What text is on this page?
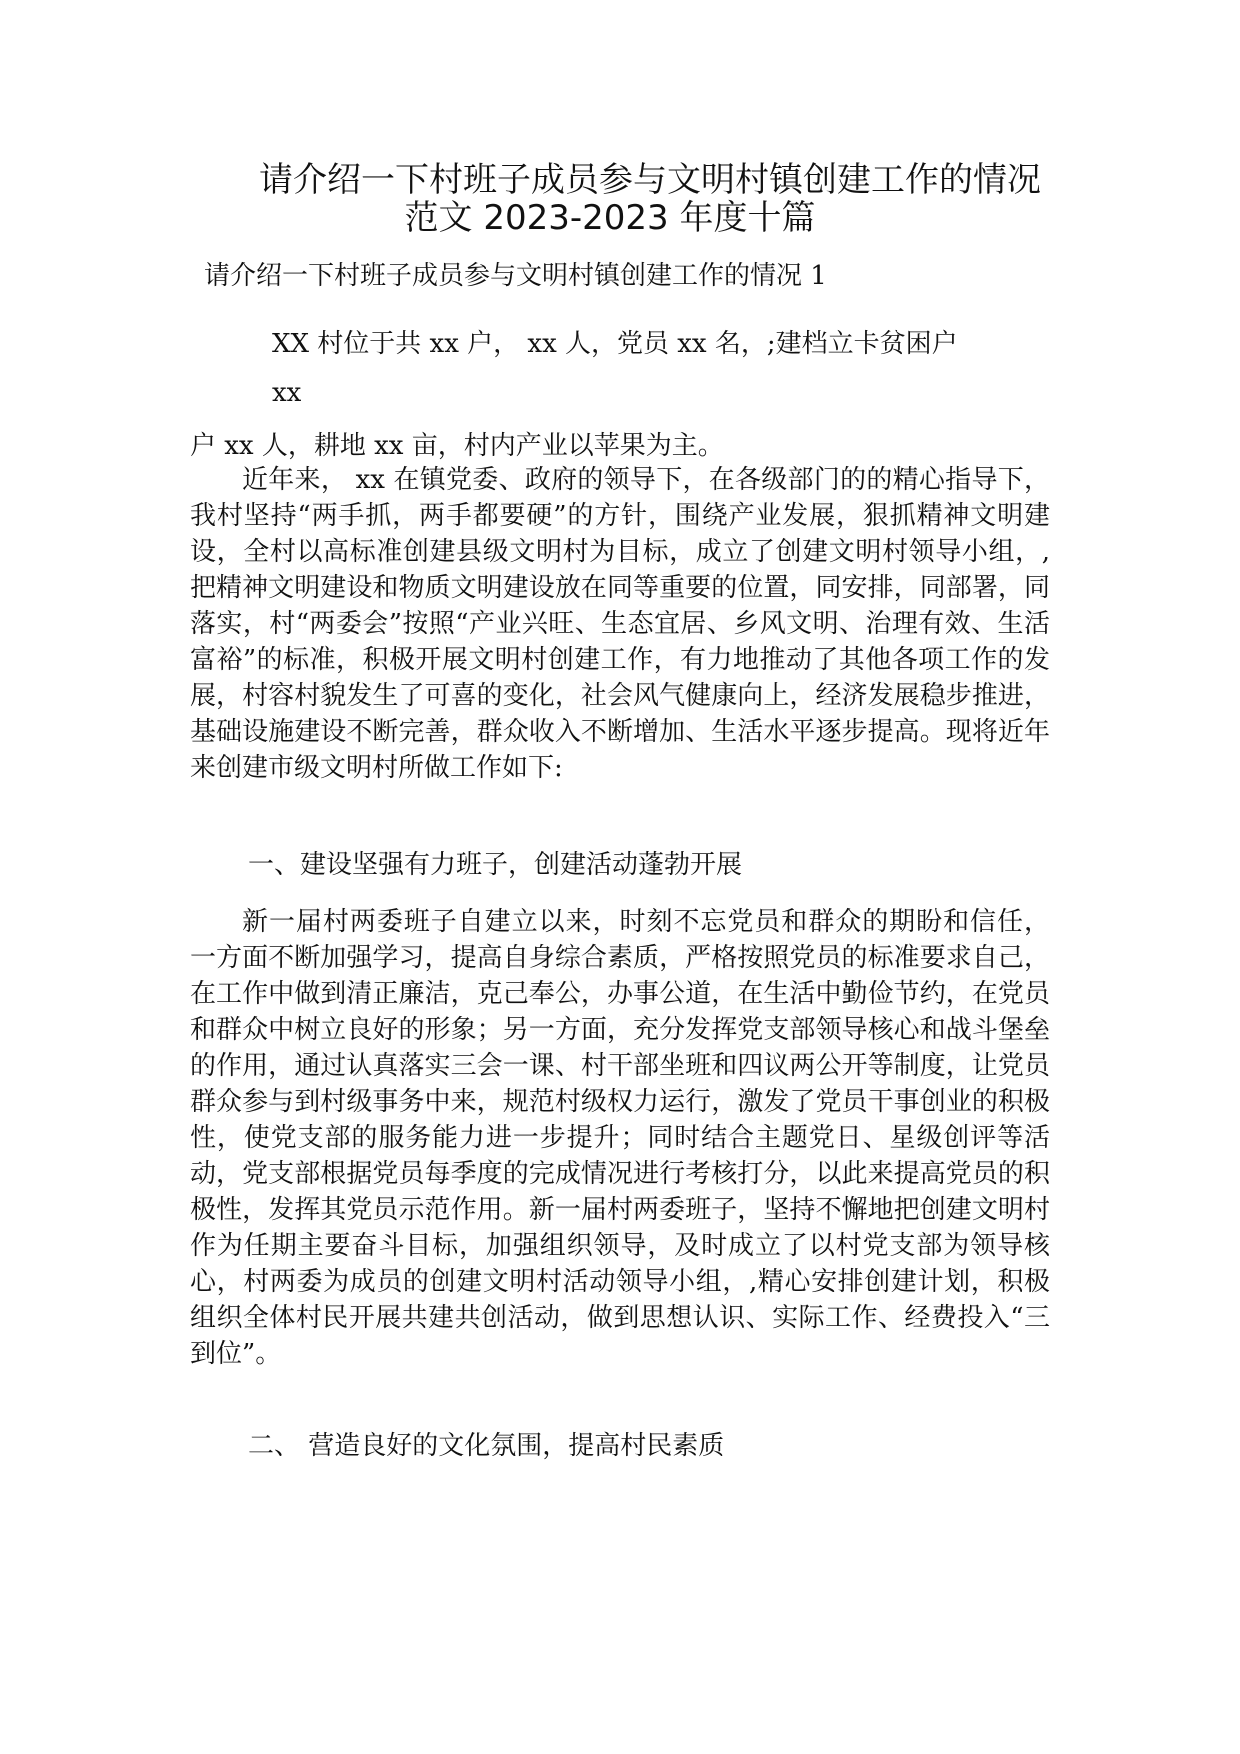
请介绍一下村班子成员参与文明村镇创建工作的情况
范文 2023-2023 年度十篇
请介绍一下村班子成员参与文明村镇创建工作的情况 1
XX 村位于共 xx 户， xx 人，党员 xx 名，;建档立卡贫困户
xx
户 xx 人，耕地 xx 亩，村内产业以苹果为主。
近年来， xx 在镇党委、政府的领导下，在各级部门的的精心指导下，我村坚持“两手抓，两手都要硬”的方针，围绕产业发展，狠抓精神文明建设，全村以高标准创建县级文明村为目标，成立了创建文明村领导小组，,把精神文明建设和物质文明建设放在同等重要的位置，同安排，同部署，同落实，村“两委会”按照“产业兴旺、生态宜居、乡风文明、治理有效、生活富裕”的标准，积极开展文明村创建工作，有力地推动了其他各项工作的发展，村容村貌发生了可喜的变化，社会风气健康向上，经济发展稳步推进，基础设施建设不断完善，群众收入不断增加、生活水平逐步提高。现将近年来创建市级文明村所做工作如下:
一、建设坚强有力班子，创建活动蓬勃开展
新一届村两委班子自建立以来，时刻不忘党员和群众的期盼和信任， 一方面不断加强学习，提高自身综合素质，严格按照党员的标准要求自己，在工作中做到清正廉洁，克己奉公，办事公道，在生活中勤俭节约，在党员和群众中树立良好的形象；另一方面，充分发挥党支部领导核心和战斗堡垒的作用，通过认真落实三会一课、村干部坐班和四议两公开等制度，让党员群众参与到村级事务中来，规范村级权力运行，激发了党员干事创业的积极性，使党支部的服务能力进一步提升；同时结合主题党日、星级创评等活动，党支部根据党员每季度的完成情况进行考核打分，以此来提高党员的积极性，发挥其党员示范作用。新一届村两委班子，坚持不懈地把创建文明村作为任期主要奋斗目标，加强组织领导，及时成立了以村党支部为领导核心，村两委为成员的创建文明村活动领导小组，,精心安排创建计划，积极组织全体村民开展共建共创活动，做到思想认识、实际工作、经费投入“三到位”。
二、 营造良好的文化氛围，提高村民素质
